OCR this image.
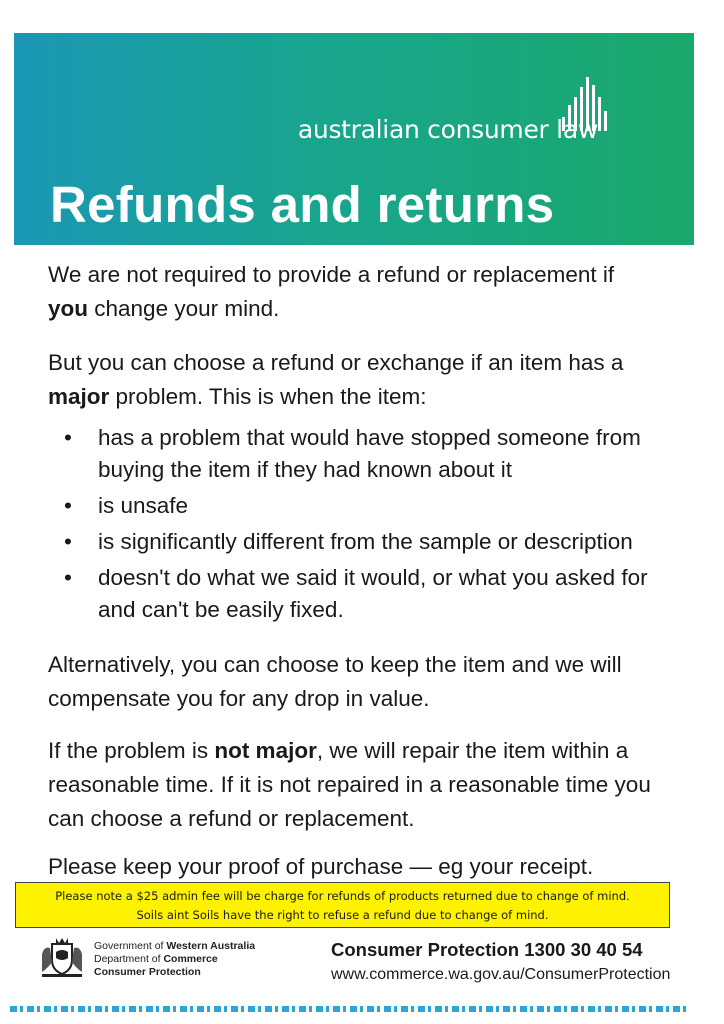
australian consumer law
Refunds and returns

We are not required to provide a refund or replacement if
you change your mind.

But you can choose a refund or exchange if an item has a
major problem. This is when the item:

• has a problem that would have stopped someone from buying the item if they had known about it
• is unsafe
• is significantly different from the sample or description
• doesn't do what we said it would, or what you asked for and can't be easily fixed.

Alternatively, you can choose to keep the item and we will compensate you for any drop in value.

If the problem is not major, we will repair the item within a reasonable time. If it is not repaired in a reasonable time you can choose a refund or replacement.

Please keep your proof of purchase — eg your receipt.

Please note a $25 admin fee will be charge for refunds of products returned due to change of mind.
Soils aint Soils have the right to refuse a refund due to change of mind.
Government of Western Australia
Department of Commerce
Consumer Protection
Consumer Protection 1300 30 40 54
www.commerce.wa.gov.au/ConsumerProtection
